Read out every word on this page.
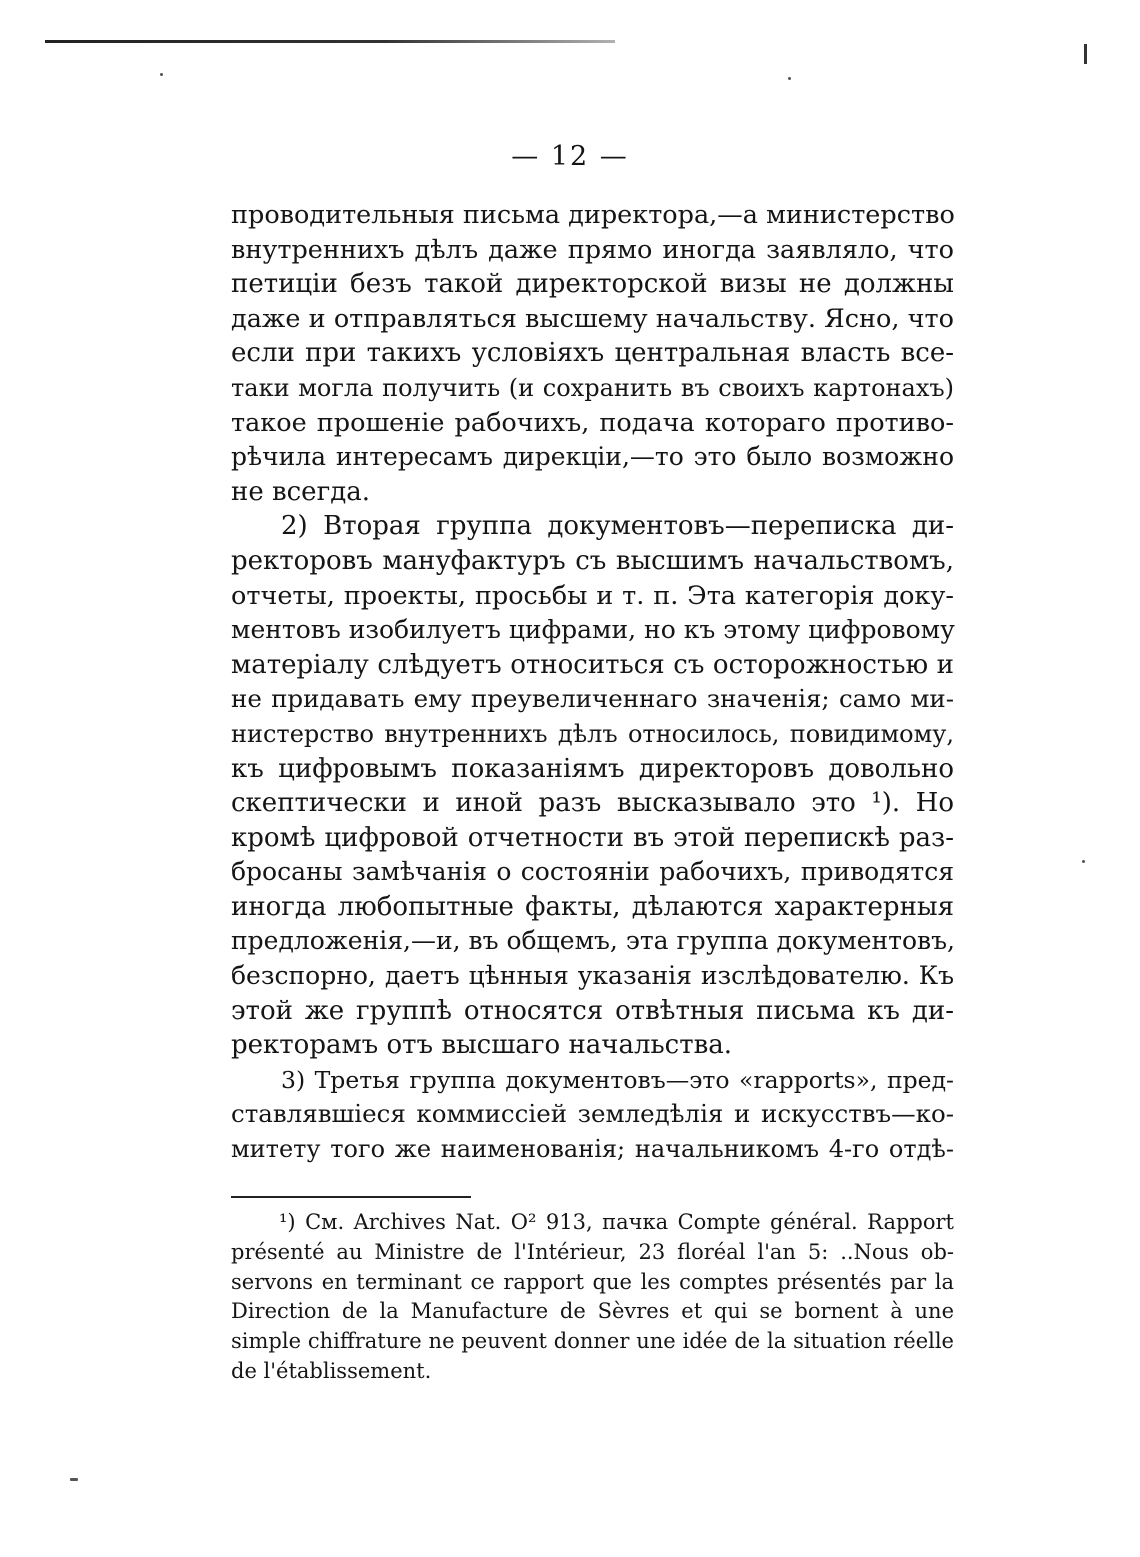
— 12 —
проводительныя письма директора,—а министерство
внутреннихъ дѣлъ даже прямо иногда заявляло, что
петиціи безъ такой директорской визы не должны
даже и отправляться высшему начальству. Ясно, что
если при такихъ условіяхъ центральная власть все-
таки могла получить (и сохранить въ своихъ картонахъ)
такое прошеніе рабочихъ, подача котораго противо-
рѣчила интересамъ дирекціи,—то это было возможно
не всегда.
2) Вторая группа документовъ—переписка ди-
ректоровъ мануфактуръ съ высшимъ начальствомъ,
отчеты, проекты, просьбы и т. п. Эта категорія доку-
ментовъ изобилуетъ цифрами, но къ этому цифровому
матеріалу слѣдуетъ относиться съ осторожностью и
не придавать ему преувеличеннаго значенія; само ми-
нистерство внутреннихъ дѣлъ относилось, повидимому,
къ цифровымъ показаніямъ директоровъ довольно
скептически и иной разъ высказывало это ¹). Но
кромѣ цифровой отчетности въ этой перепискѣ раз-
бросаны замѣчанія о состояніи рабочихъ, приводятся
иногда любопытные факты, дѣлаются характерныя
предложенія,—и, въ общемъ, эта группа документовъ,
безспорно, даетъ цѣнныя указанія изслѣдователю. Къ
этой же группѣ относятся отвѣтныя письма къ ди-
ректорамъ отъ высшаго начальства.
3) Третья группа документовъ—это «rapports», пред-
ставлявшіеся коммиссіей земледѣлія и искусствъ—ко-
митету того же наименованія; начальникомъ 4-го отдѣ-
¹) См. Archives Nat. O² 913, пачка Compte général. Rapport
présenté au Ministre de l'Intérieur, 23 floréal l'an 5: ..Nous ob-
servons en terminant ce rapport que les comptes présentés par la
Direction de la Manufacture de Sèvres et qui se bornent à une
simple chiffrature ne peuvent donner une idée de la situation réelle
de l'établissement.
